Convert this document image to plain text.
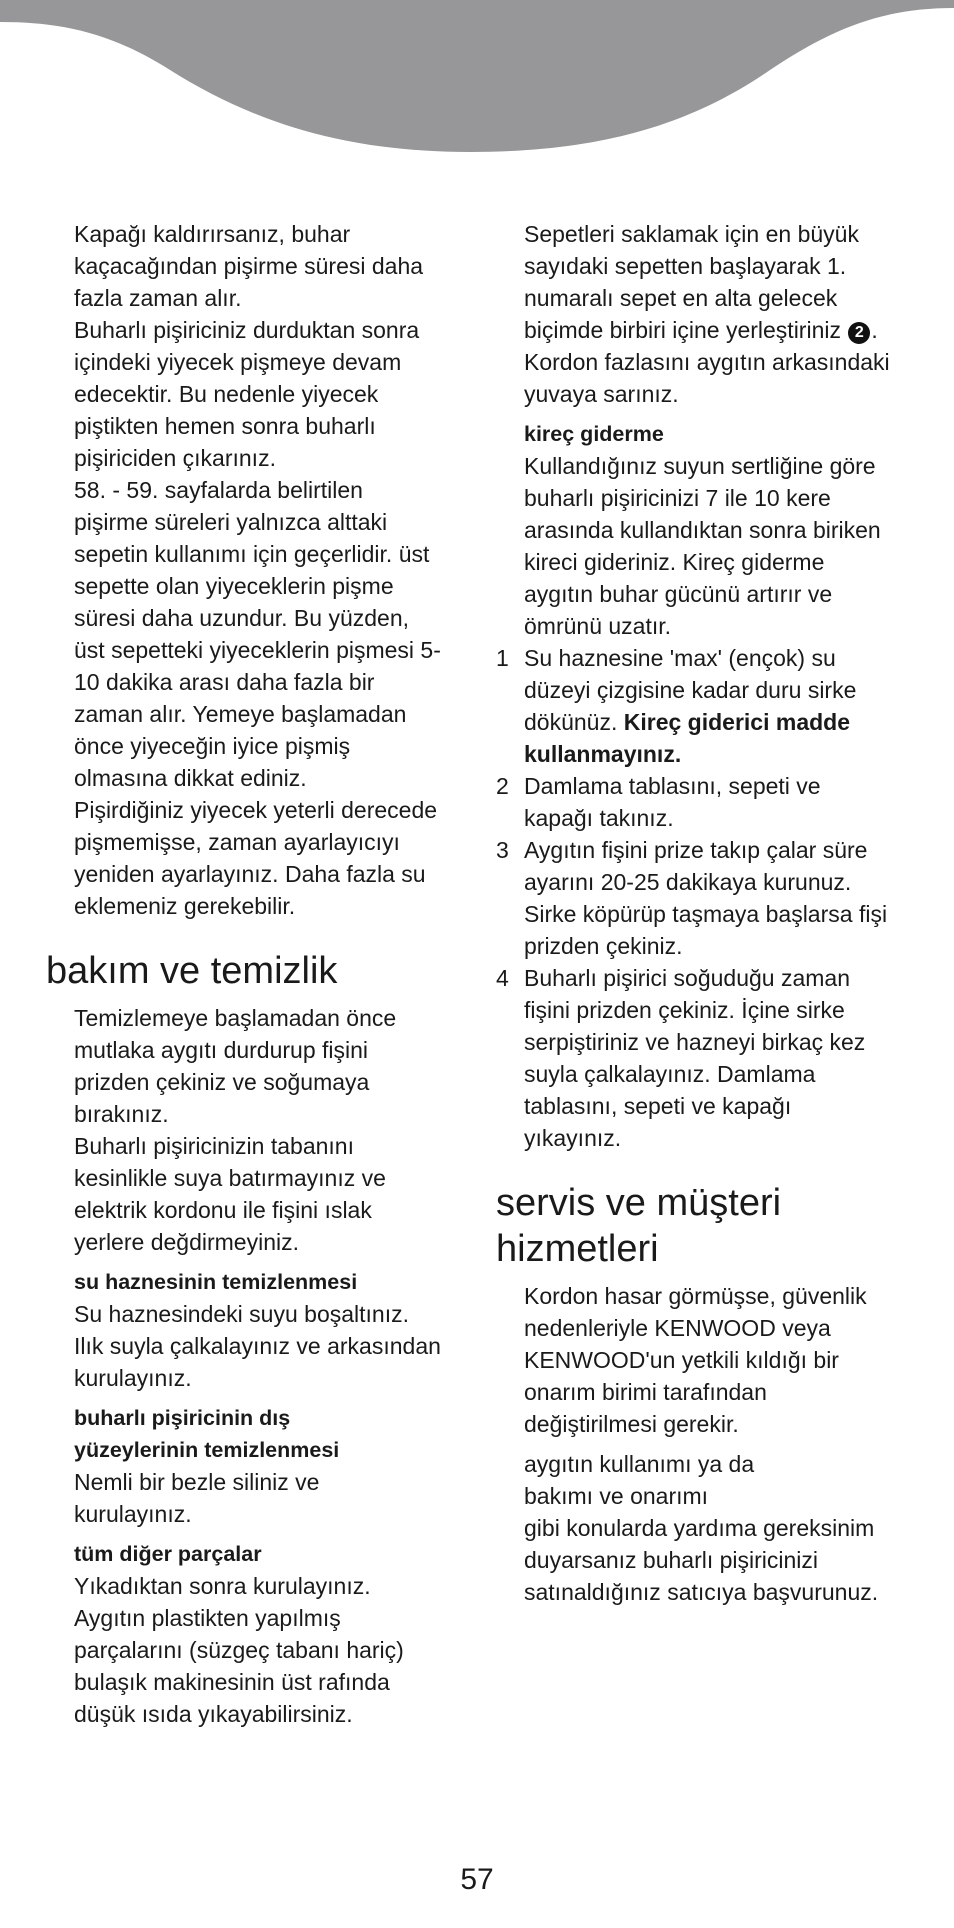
Kapağı kaldırırsanız, buhar
kaçacağından pişirme süresi daha
fazla zaman alır.
Buharlı pişiriciniz durduktan sonra
içindeki yiyecek pişmeye devam
edecektir. Bu nedenle yiyecek
piştikten hemen sonra buharlı
pişiriciden çıkarınız.
58. - 59. sayfalarda belirtilen
pişirme süreleri yalnızca alttaki
sepetin kullanımı için geçerlidir. üst
sepette olan yiyeceklerin pişme
süresi daha uzundur. Bu yüzden,
üst sepetteki yiyeceklerin pişmesi 5-
10 dakika arası daha fazla bir
zaman alır. Yemeye başlamadan
önce yiyeceğin iyice pişmiş
olmasına dikkat ediniz.
Pişirdiğiniz yiyecek yeterli derecede
pişmemişse, zaman ayarlayıcıyı
yeniden ayarlayınız. Daha fazla su
eklemeniz gerekebilir.
bakım ve temizlik
Temizlemeye başlamadan önce
mutlaka aygıtı durdurup fişini
prizden çekiniz ve soğumaya
bırakınız.
Buharlı pişiricinizin tabanını
kesinlikle suya batırmayınız ve
elektrik kordonu ile fişini ıslak
yerlere değdirmeyiniz.
su haznesinin temizlenmesi
Su haznesindeki suyu boşaltınız.
Ilık suyla çalkalayınız ve arkasından
kurulayınız.
buharlı pişiricinin dış
yüzeylerinin temizlenmesi
Nemli bir bezle siliniz ve
kurulayınız.
tüm diğer parçalar
Yıkadıktan sonra kurulayınız.
Aygıtın plastikten yapılmış
parçalarını (süzgeç tabanı hariç)
bulaşık makinesinin üst rafında
düşük ısıda yıkayabilirsiniz.
Sepetleri saklamak için en büyük
sayıdaki sepetten başlayarak 1.
numaralı sepet en alta gelecek
biçimde birbiri içine yerleştiriniz 2 .
Kordon fazlasını aygıtın arkasındaki
yuvaya sarınız.
kireç giderme
Kullandığınız suyun sertliğine göre
buharlı pişiricinizi 7 ile 10 kere
arasında kullandıktan sonra biriken
kireci gideriniz. Kireç giderme
aygıtın buhar gücünü artırır ve
ömrünü uzatır.
1 Su haznesine 'max' (ençok) su
düzeyi çizgisine kadar duru sirke
dökünüz. Kireç giderici madde
kullanmayınız.
2 Damlama tablasını, sepeti ve
kapağı takınız.
3 Aygıtın fişini prize takıp çalar süre
ayarını 20-25 dakikaya kurunuz.
Sirke köpürüp taşmaya başlarsa fişi
prizden çekiniz.
4 Buharlı pişirici soğuduğu zaman
fişini prizden çekiniz. İçine sirke
serpiştiriniz ve hazneyi birkaç kez
suyla çalkalayınız. Damlama
tablasını, sepeti ve kapağı
yıkayınız.
servis ve müşteri
hizmetleri
Kordon hasar görmüşse, güvenlik
nedenleriyle KENWOOD veya
KENWOOD'un yetkili kıldığı bir
onarım birimi tarafından
değiştirilmesi gerekir.
aygıtın kullanımı ya da
bakımı ve onarımı
gibi konularda yardıma gereksinim
duyarsanız buharlı pişiricinizi
satınaldığınız satıcıya başvurunuz.
57
